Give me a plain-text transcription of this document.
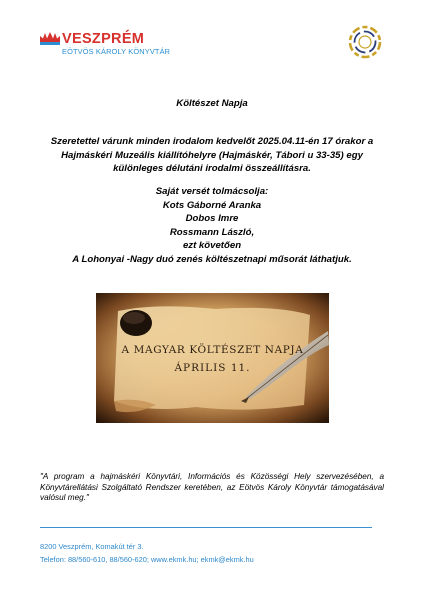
VESZPRÉM
EÖTVÖS KÁROLY KÖNYVTÁR
Költészet Napja
Szeretettel várunk minden irodalom kedvelőt 2025.04.11-én 17 órakor a
Hajmáskéri Muzeális kiállítóhelyre (Hajmáskér, Tábori u 33-35) egy
különleges délutáni irodalmi összeállításra.
Saját versét tolmácsolja:
Kots Gáborné Aranka
Dobos Imre
Rossmann László,
ezt követően
A Lohonyai -Nagy duó zenés költészetnapi műsorát láthatjuk.
A MAGYAR KÖLTÉSZET NAPJA
ÁPRILIS 11.
"A program a hajmáskéri Könyvtári, Információs és Közösségi Hely szervezésében, a Könyvtárellátási Szolgáltató Rendszer keretében, az Eötvös Károly Könyvtár támogatásával valósul meg."
8200 Veszprém, Komakút tér 3.
Telefon: 88/560-610, 88/560-620; www.ekmk.hu; ekmk@ekmk.hu
